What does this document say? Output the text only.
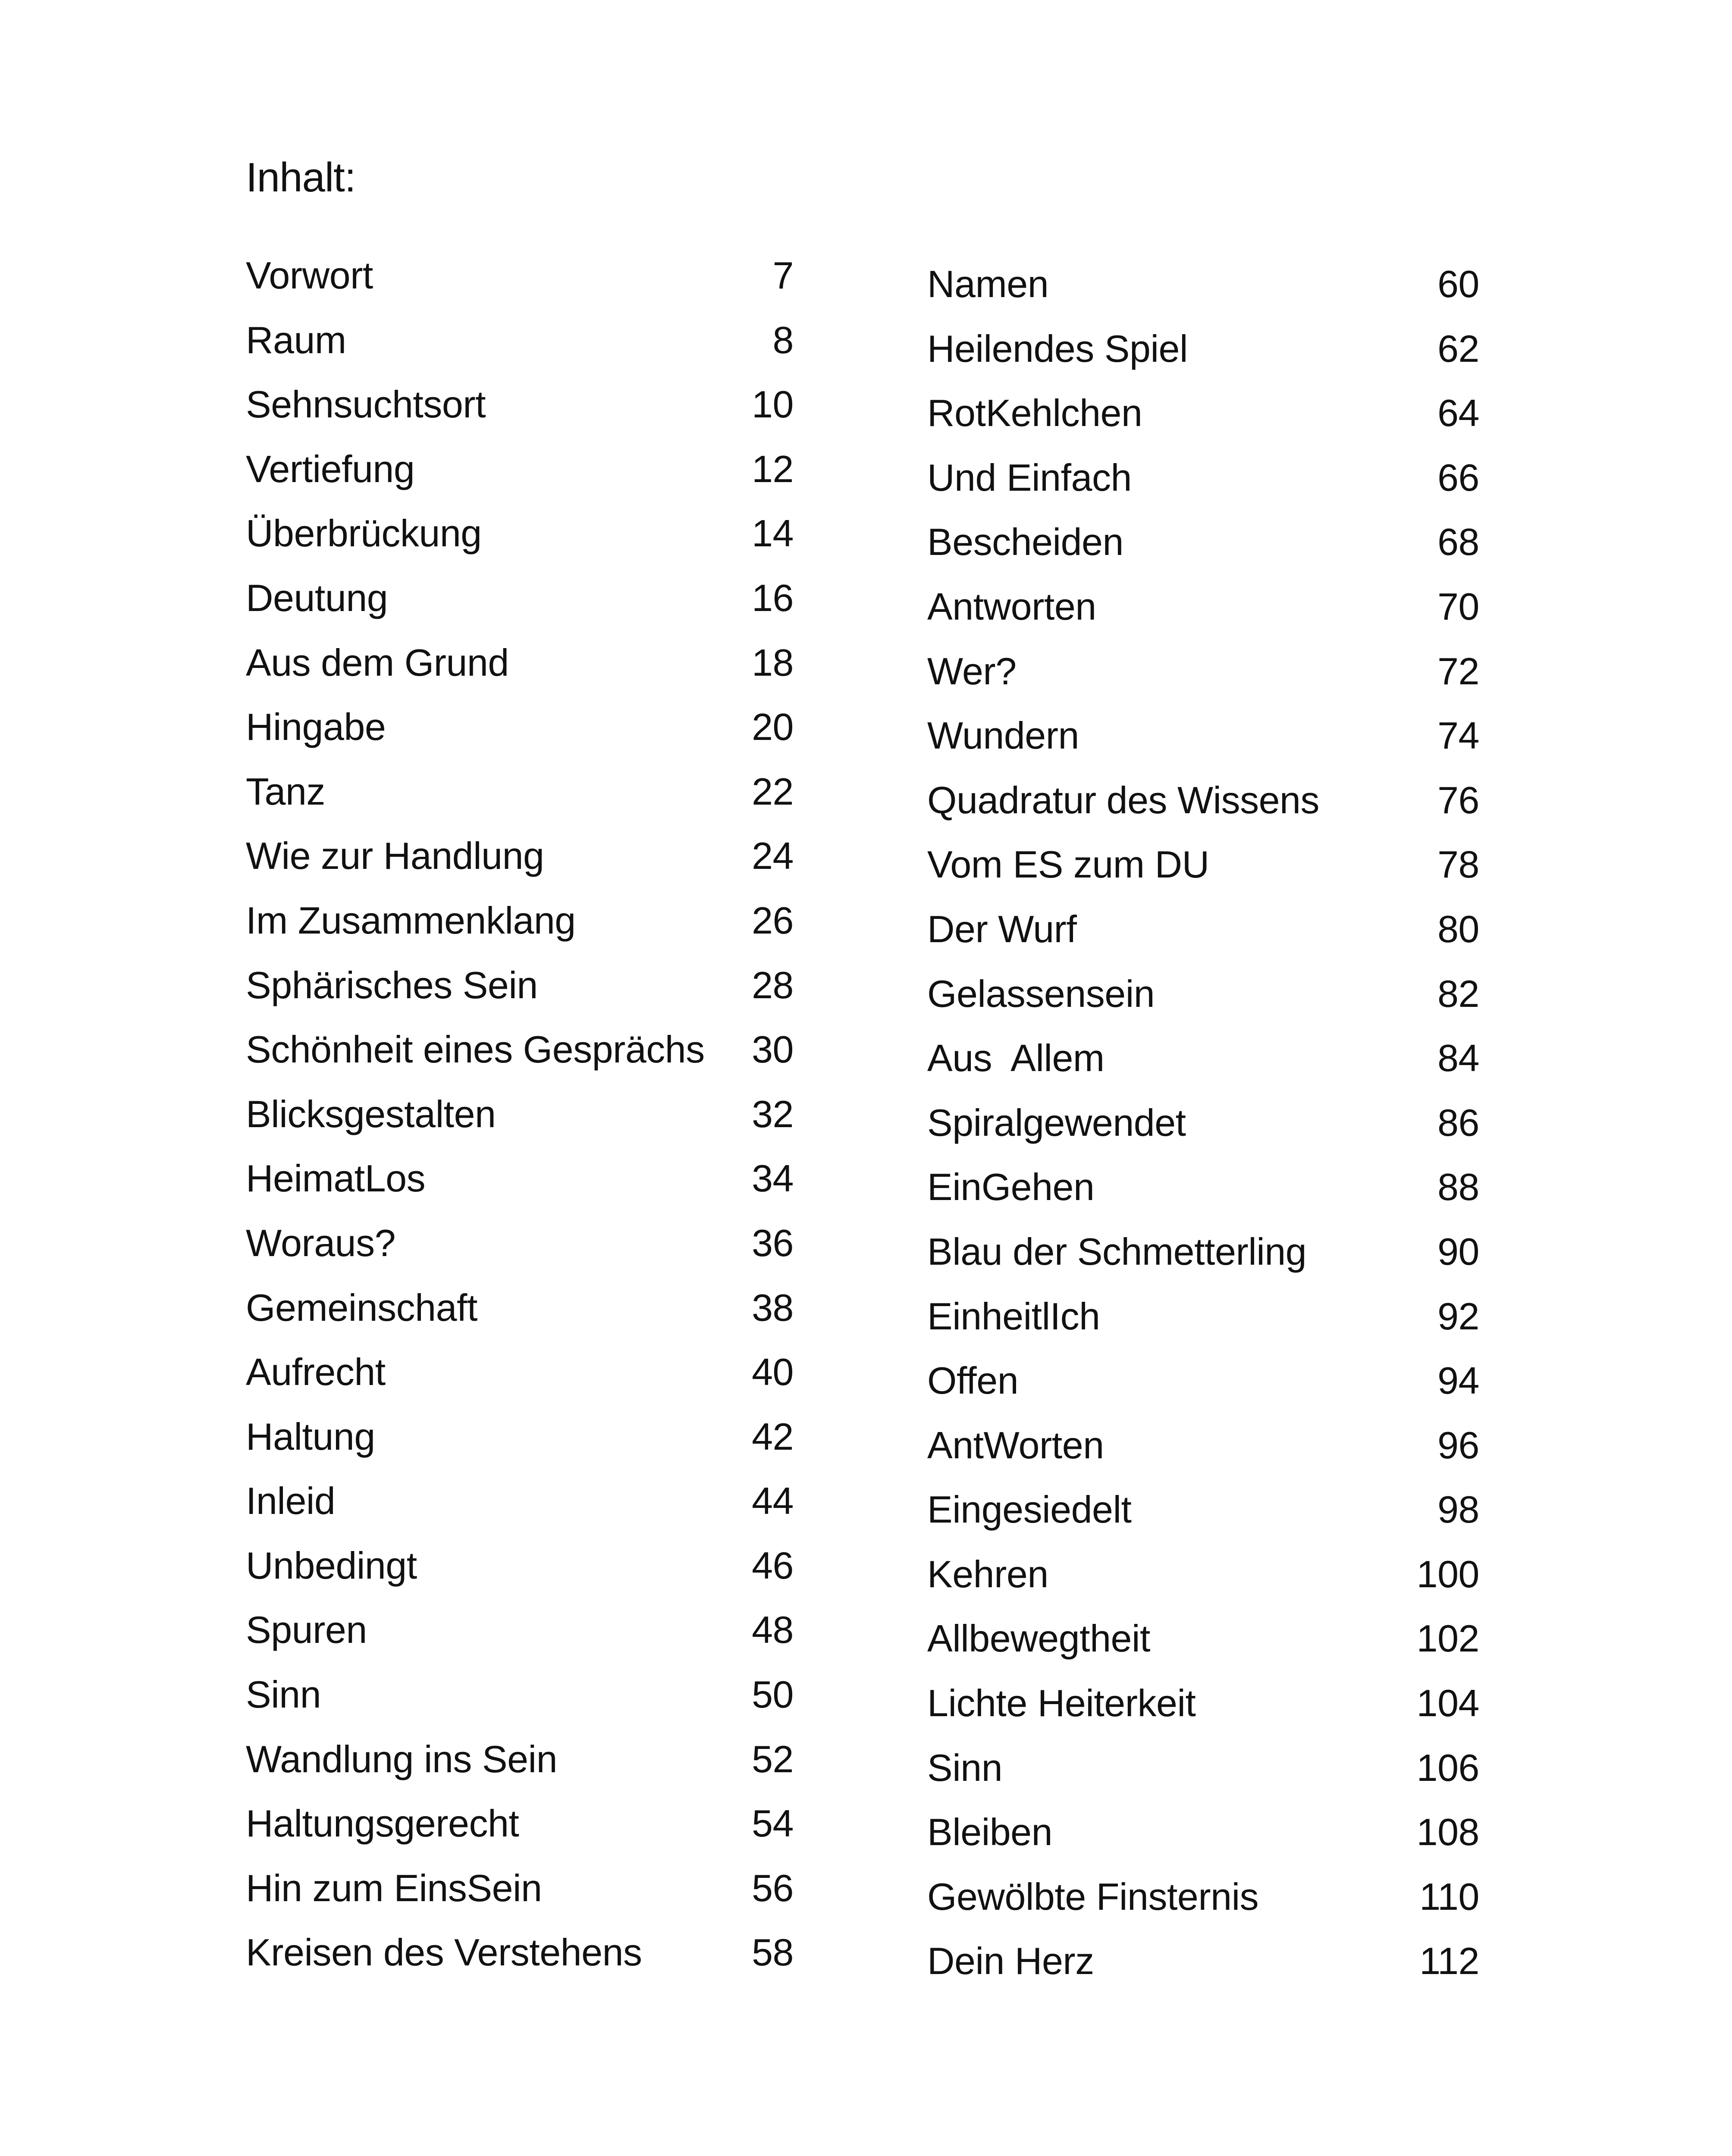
Inhalt:
Vorwort	7
Raum	8
Sehnsuchtsort	10
Vertiefung	12
Überbrückung	14
Deutung	16
Aus dem Grund	18
Hingabe	20
Tanz	22
Wie zur Handlung	24
Im Zusammenklang	26
Sphärisches Sein	28
Schönheit eines Gesprächs 30
Blicksgestalten	32
HeimatLos	34
Woraus?	36
Gemeinschaft	38
Aufrecht	40
Haltung	42
Inleid	44
Unbedingt	46
Spuren	48
Sinn	50
Wandlung ins Sein	52
Haltungsgerecht	54
Hin zum EinsSein	56
Kreisen des Verstehens	58
Namen	60
Heilendes Spiel	62
RotKehlchen	64
Und Einfach	66
Bescheiden	68
Antworten	70
Wer?	72
Wundern	74
Quadratur des Wissens	76
Vom ES zum DU	78
Der Wurf	80
Gelassensein	82
Aus  Allem	84
Spiralgewendet	86
EinGehen	88
Blau der Schmetterling	90
EinheitlIch	92
Offen	94
AntWorten	96
Eingesiedelt	98
Kehren	100
Allbewegtheit	102
Lichte Heiterkeit	104
Sinn	106
Bleiben	108
Gewölbte Finsternis	110
Dein Herz	112
